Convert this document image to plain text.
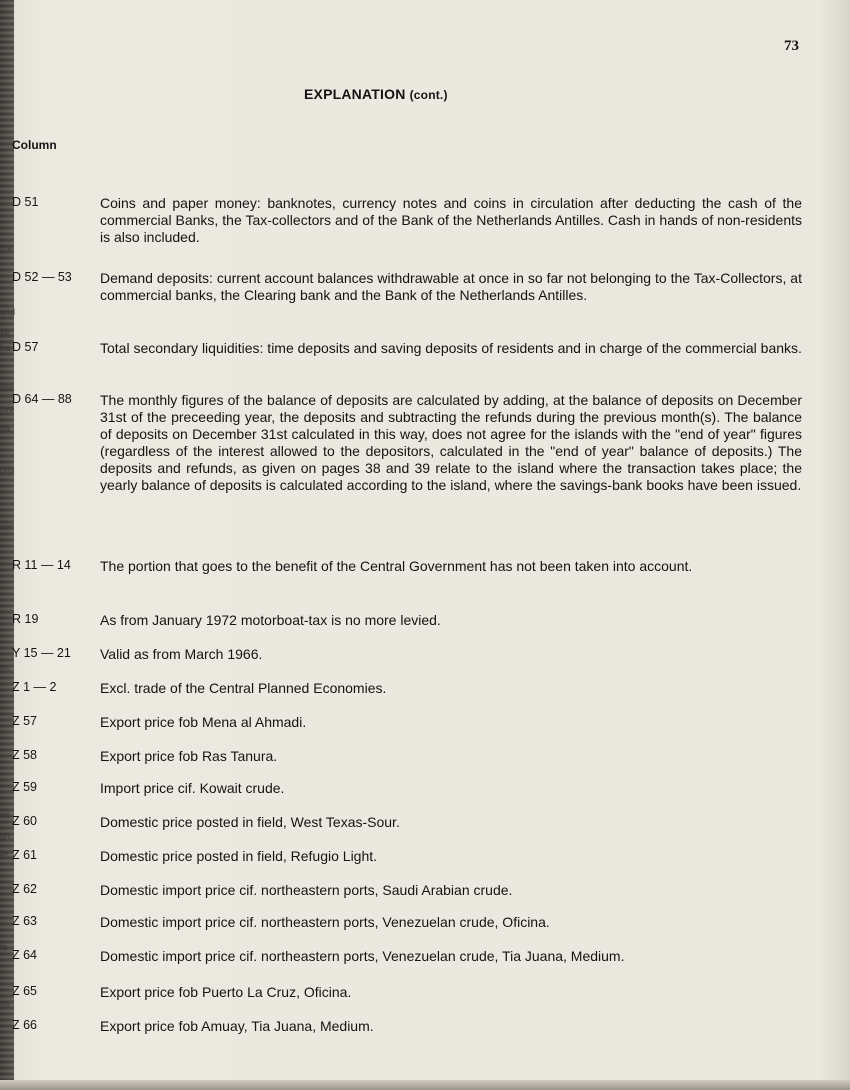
73
EXPLANATION (cont.)
Column
the
and
ve
ba
ess
tive
oa.
ons
ner
er.
es
gn
er
ts
ns
D 51	Coins and paper money: banknotes, currency notes and coins in circulation after deducting the cash of the commercial Banks, the Tax-collectors and of the Bank of the Netherlands Antilles. Cash in hands of non-residents is also included.
D 52 — 53 Demand deposits: current account balances withdrawable at once in so far not belonging to the Tax-Collectors, at commercial banks, the Clearing bank and the Bank of the Netherlands Antilles.
D 57	Total secondary liquidities: time deposits and saving deposits of residents and in charge of the commercial banks.
D 64 — 88 The monthly figures of the balance of deposits are calculated by adding, at the balance of deposits on December 31st of the preceeding year, the deposits and subtracting the refunds during the previous month(s). The balance of deposits on December 31st calculated in this way, does not agree for the islands with the "end of year" figures (regardless of the interest allowed to the depositors, calculated in the "end of year" balance of deposits.) The deposits and refunds, as given on pages 38 and 39 relate to the island where the transaction takes place; the yearly balance of deposits is calculated according to the island, where the savings-bank books have been issued.
R 11 — 14 The portion that goes to the benefit of the Central Government has not been taken into account.
R 19	As from January 1972 motorboat-tax is no more levied.
Y 15 — 21 Valid as from March 1966.
Z 1 — 2	Excl. trade of the Central Planned Economies.
Z 57	Export price fob Mena al Ahmadi.
Z 58	Export price fob Ras Tanura.
Z 59	Import price cif. Kowait crude.
Z 60	Domestic price posted in field, West Texas-Sour.
Z 61	Domestic price posted in field, Refugio Light.
Z 62	Domestic import price cif. northeastern ports, Saudi Arabian crude.
Z 63	Domestic import price cif. northeastern ports, Venezuelan crude, Oficina.
Z 64	Domestic import price cif. northeastern ports, Venezuelan crude, Tia Juana, Medium.
Z 65	Export price fob Puerto La Cruz, Oficina.
Z 66	Export price fob Amuay, Tia Juana, Medium.
